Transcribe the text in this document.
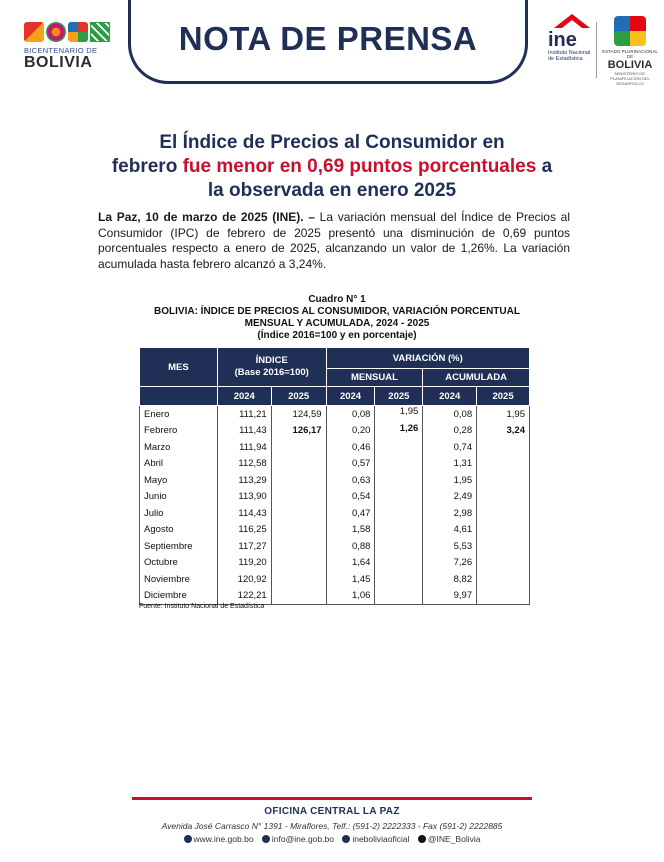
BICENTENARIO DE
BOLIVIA
NOTA DE PRENSA	ine
Instituto Nacional de Estadística
ESTADO PLURINACIONAL DE
BOLIVIA
MINISTERIO DE PLANIFICACIÓN DEL DESARROLLO
El Índice de Precios al Consumidor en
febrero fue menor en 0,69 puntos porcentuales a
la observada en enero 2025
La Paz, 10 de marzo de 2025 (INE). – La variación mensual del Índice de Precios al Consumidor (IPC) de febrero de 2025 presentó una disminución de 0,69 puntos porcentuales respecto a enero de 2025, alcanzando un valor de 1,26%. La variación acumulada hasta febrero alcanzó a 3,24%.
Cuadro N° 1
BOLIVIA: ÍNDICE DE PRECIOS AL CONSUMIDOR, VARIACIÓN PORCENTUAL
MENSUAL Y ACUMULADA, 2024 - 2025
(Índice 2016=100 y en porcentaje)
MES	ÍNDICE
(Base 2016=100)		VARIACIÓN (%)			
			MENSUAL		ACUMULADA	
	2024	2025	2024	2025	2024	2025
Enero	111,21	124,59	0,08	1,95	0,08	1,95
Febrero	111,43	126,17	0,20	1,26	0,28	3,24
Marzo	111,94		0,46		0,74	
Abril	112,58		0,57		1,31	
Mayo	113,29		0,63		1,95	
Junio	113,90		0,54		2,49	
Julio	114,43		0,47		2,98	
Agosto	116,25		1,58		4,61	
Septiembre	117,27		0,88		5,53	
Octubre	119,20		1,64		7,26	
Noviembre	120,92		1,45		8,82	
Diciembre	122,21		1,06		9,97	
Fuente: Instituto Nacional de Estadística
OFICINA CENTRAL LA PAZ
Avenida José Carrasco N° 1391 - Miraflores, Telf.: (591-2) 2222333 - Fax (591-2) 2222885
www.ine.gob.bo info@ine.gob.bo ineboliviaoficial @INE_Bolivia
